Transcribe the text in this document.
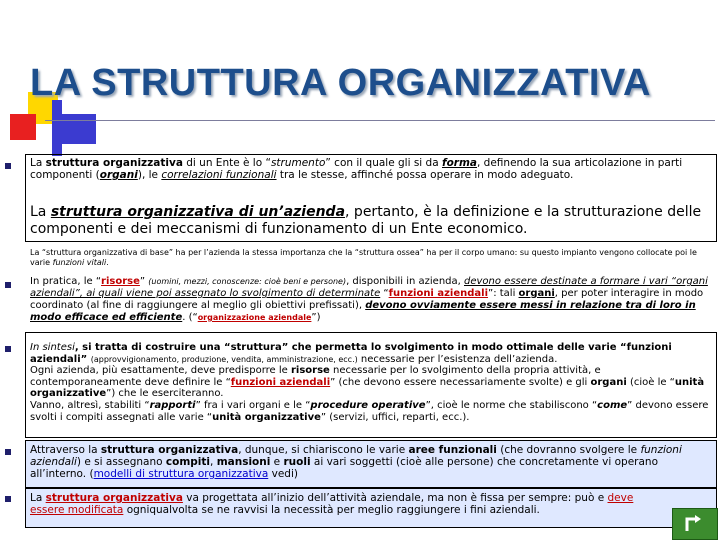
LA STRUTTURA ORGANIZZATIVA
La struttura organizzativa di un Ente è lo “strumento” con il quale gli si da forma, definendo la sua articolazione in parti componenti (organi), le correlazioni funzionali tra le stesse, affinché possa operare in modo adeguato.
La struttura organizzativa di un’azienda, pertanto, è la definizione e la strutturazione delle componenti e dei meccanismi di funzionamento di un Ente economico.
La “struttura organizzativa di base” ha per l’azienda la stessa importanza che la “struttura ossea” ha per il corpo umano: su questo impianto vengono collocate poi le varie funzioni vitali.
In pratica, le “risorse” (uomini, mezzi, conoscenze: cioè beni e persone), disponibili in azienda, devono essere destinate a formare i vari “organi aziendali”, ai quali viene poi assegnato lo svolgimento di determinate “funzioni aziendali”: tali organi, per poter interagire in modo coordinato (al fine di raggiungere al meglio gli obiettivi prefissati), devono ovviamente essere messi in relazione tra di loro in modo efficace ed efficiente. (“organizzazione aziendale”)
In sintesi, si tratta di costruire una “struttura” che permetta lo svolgimento in modo ottimale delle varie “funzioni aziendali” (approvvigionamento, produzione, vendita, amministrazione, ecc.) necessarie per l’esistenza dell’azienda.
Ogni azienda, più esattamente, deve predisporre le risorse necessarie per lo svolgimento della propria attività, e contemporaneamente deve definire le “funzioni aziendali” (che devono essere necessariamente svolte) e gli organi (cioè le “unità organizzative”) che le eserciteranno.
Vanno, altresì, stabiliti “rapporti” fra i vari organi e le “procedure operative”, cioè le norme che stabiliscono “come” devono essere svolti i compiti assegnati alle varie “unità organizzative” (servizi, uffici, reparti, ecc.).
Attraverso la struttura organizzativa, dunque, si chiariscono le varie aree funzionali (che dovranno svolgere le funzioni aziendali) e si assegnano compiti, mansioni e ruoli ai vari soggetti (cioè alle persone) che concretamente vi operano all’interno. (modelli di struttura organizzativa vedi)
La struttura organizzativa va progettata all’inizio dell’attività aziendale, ma non è fissa per sempre: può e deve essere modificata ogniqualvolta se ne ravvisi la necessità per meglio raggiungere i fini aziendali.
